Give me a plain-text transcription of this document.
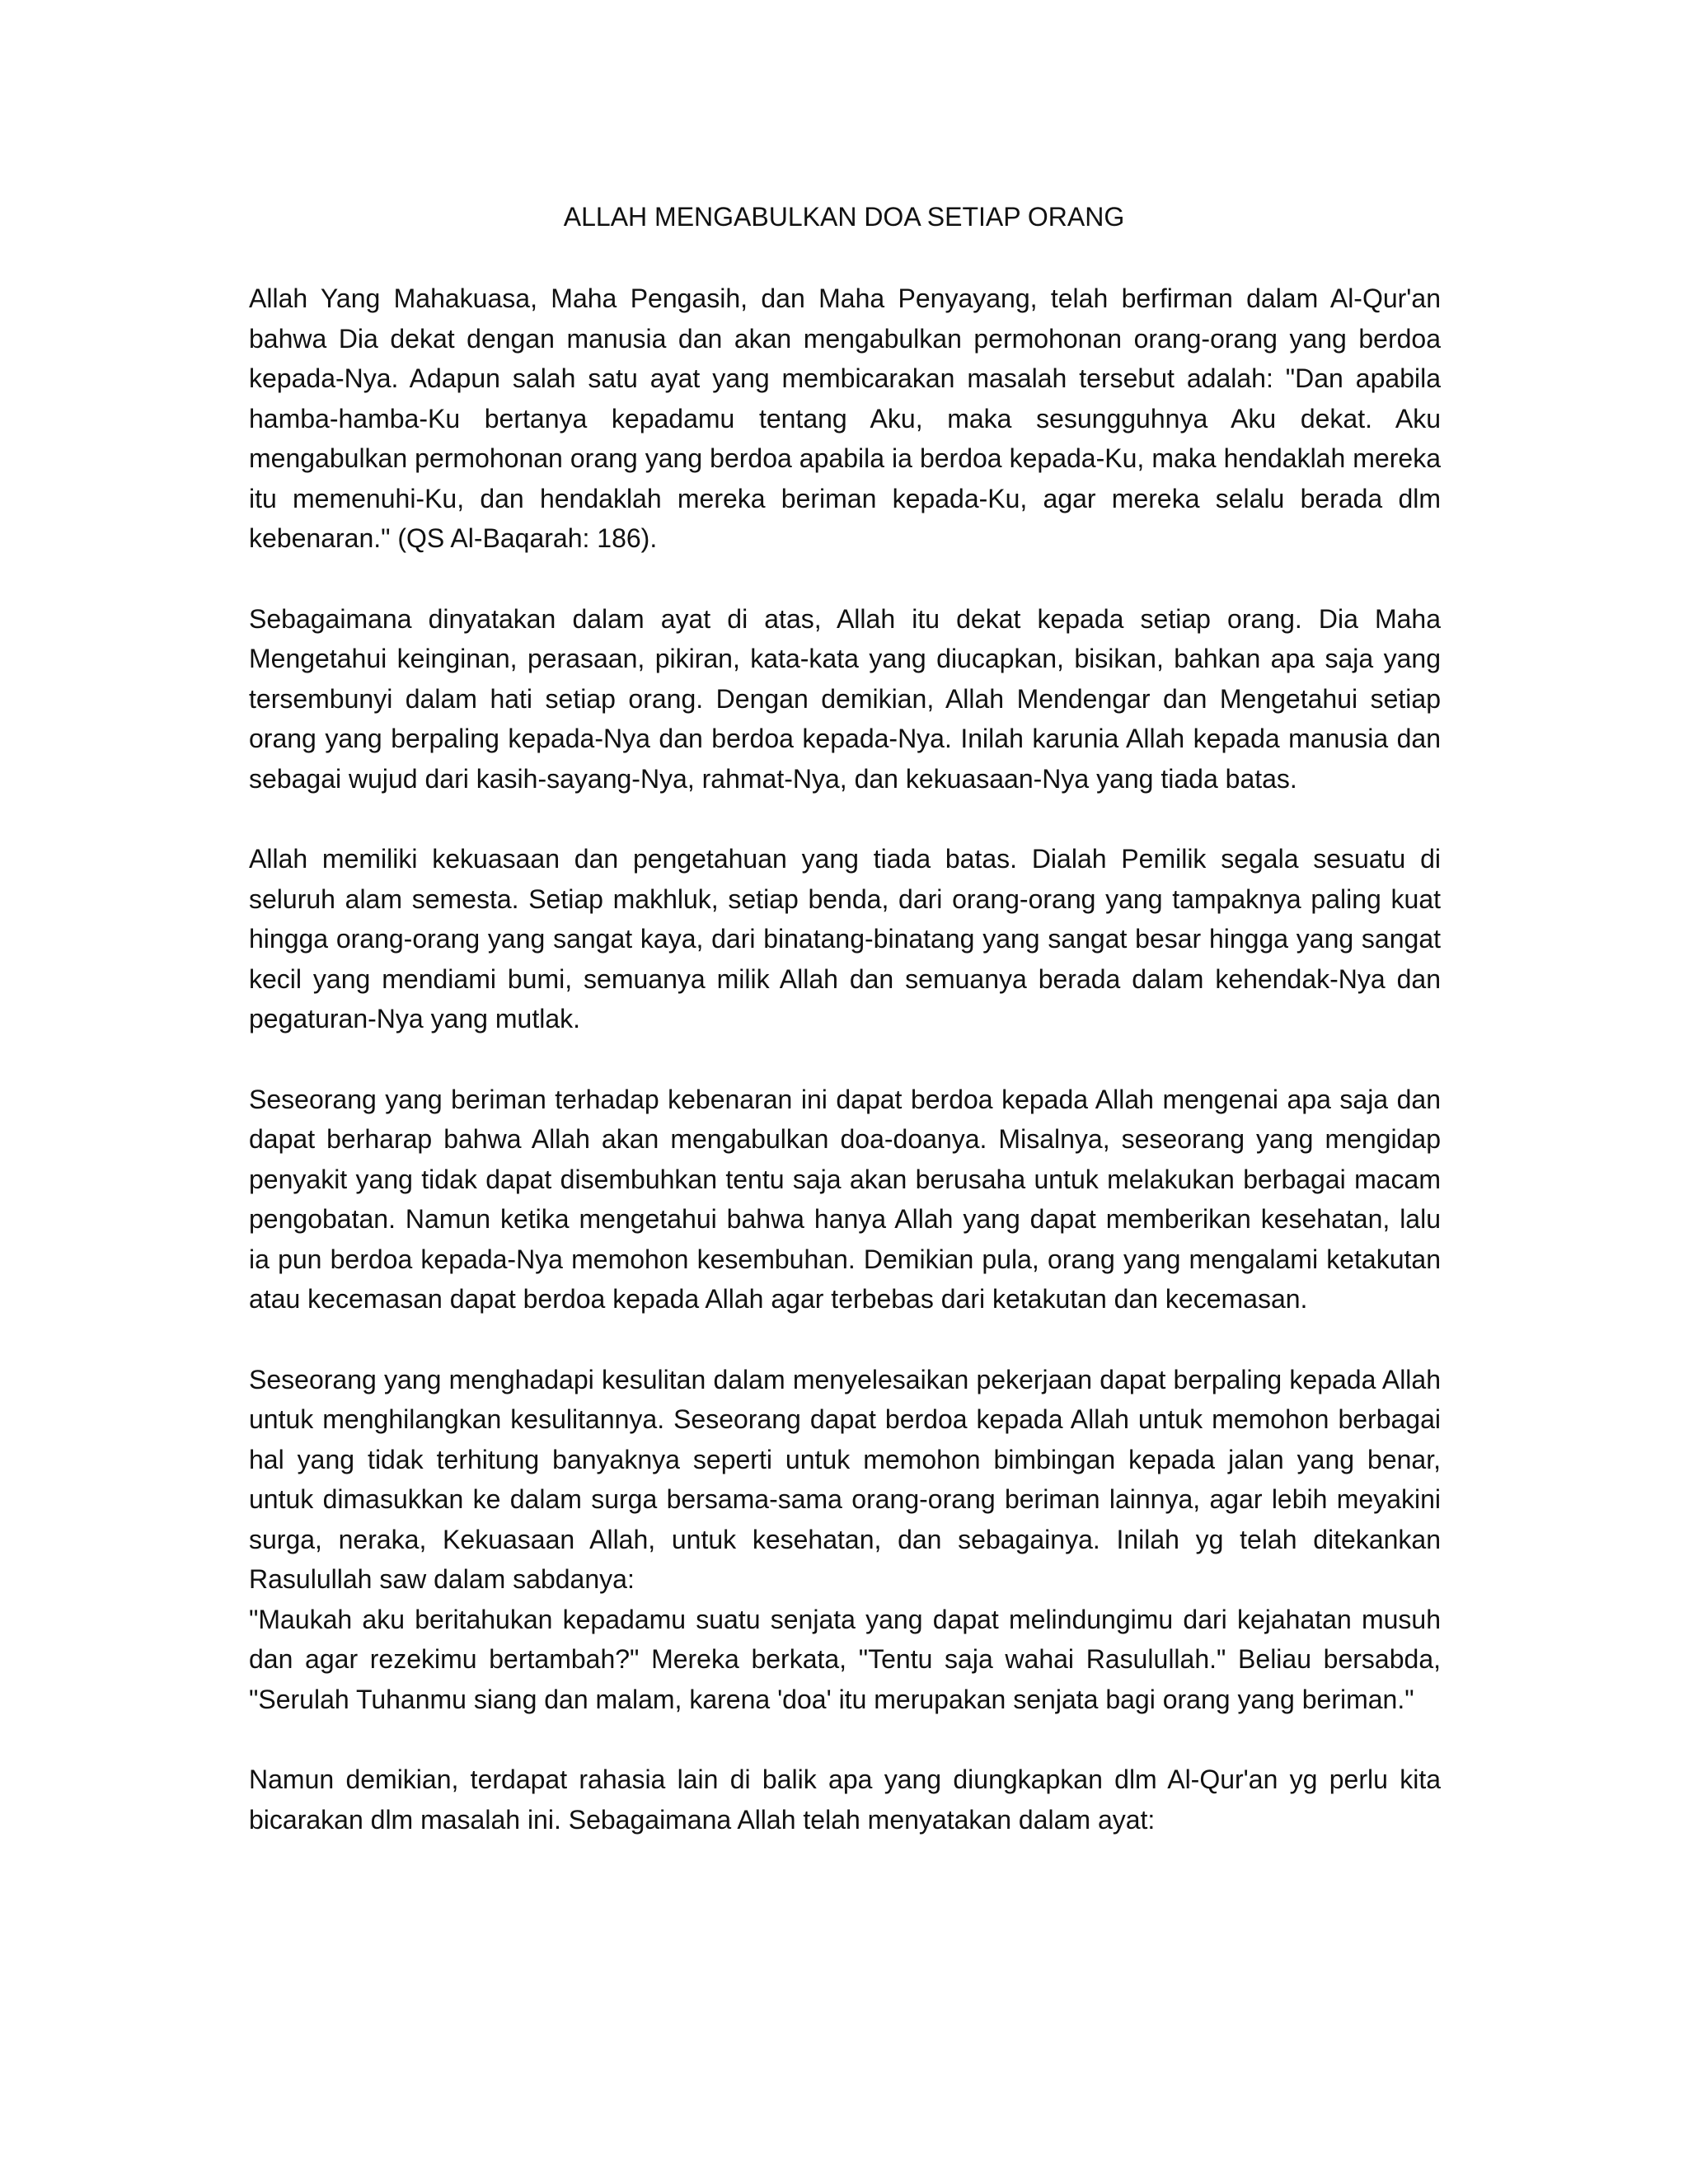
ALLAH MENGABULKAN DOA SETIAP ORANG

Allah Yang Mahakuasa, Maha Pengasih, dan Maha Penyayang, telah berfirman dalam Al-Qur'an bahwa Dia dekat dengan manusia dan akan mengabulkan permohonan orang-orang yang berdoa kepada-Nya. Adapun salah satu ayat yang membicarakan masalah tersebut adalah: "Dan apabila hamba-hamba-Ku bertanya kepadamu tentang Aku, maka sesungguhnya Aku dekat. Aku mengabulkan permohonan orang yang berdoa apabila ia berdoa kepada-Ku, maka hendaklah mereka itu memenuhi-Ku, dan hendaklah mereka beriman kepada-Ku, agar mereka selalu berada dlm kebenaran." (QS Al-Baqarah: 186).

Sebagaimana dinyatakan dalam ayat di atas, Allah itu dekat kepada setiap orang. Dia Maha Mengetahui keinginan, perasaan, pikiran, kata-kata yang diucapkan, bisikan, bahkan apa saja yang tersembunyi dalam hati setiap orang. Dengan demikian, Allah Mendengar dan Mengetahui setiap orang yang berpaling kepada-Nya dan berdoa kepada-Nya. Inilah karunia Allah kepada manusia dan sebagai wujud dari kasih-sayang-Nya, rahmat-Nya, dan kekuasaan-Nya yang tiada batas.

Allah memiliki kekuasaan dan pengetahuan yang tiada batas. Dialah Pemilik segala sesuatu di seluruh alam semesta. Setiap makhluk, setiap benda, dari orang-orang yang tampaknya paling kuat hingga orang-orang yang sangat kaya, dari binatang-binatang yang sangat besar hingga yang sangat kecil yang mendiami bumi, semuanya milik Allah dan semuanya berada dalam kehendak-Nya dan pegaturan-Nya yang mutlak.

Seseorang yang beriman terhadap kebenaran ini dapat berdoa kepada Allah mengenai apa saja dan dapat berharap bahwa Allah akan mengabulkan doa-doanya. Misalnya, seseorang yang mengidap penyakit yang tidak dapat disembuhkan tentu saja akan berusaha untuk melakukan berbagai macam pengobatan. Namun ketika mengetahui bahwa hanya Allah yang dapat memberikan kesehatan, lalu ia pun berdoa kepada-Nya memohon kesembuhan. Demikian pula, orang yang mengalami ketakutan atau kecemasan dapat berdoa kepada Allah agar terbebas dari ketakutan dan kecemasan.

Seseorang yang menghadapi kesulitan dalam menyelesaikan pekerjaan dapat berpaling kepada Allah untuk menghilangkan kesulitannya. Seseorang dapat berdoa kepada Allah untuk memohon berbagai hal yang tidak terhitung banyaknya seperti untuk memohon bimbingan kepada jalan yang benar, untuk dimasukkan ke dalam surga bersama-sama orang-orang beriman lainnya, agar lebih meyakini surga, neraka, Kekuasaan Allah, untuk kesehatan, dan sebagainya. Inilah yg telah ditekankan Rasulullah saw dalam sabdanya:
"Maukah aku beritahukan kepadamu suatu senjata yang dapat melindungimu dari kejahatan musuh dan agar rezekimu bertambah?" Mereka berkata, "Tentu saja wahai Rasulullah." Beliau bersabda, "Serulah Tuhanmu siang dan malam, karena 'doa' itu merupakan senjata bagi orang yang beriman."

Namun demikian, terdapat rahasia lain di balik apa yang diungkapkan dlm Al-Qur'an yg perlu kita bicarakan dlm masalah ini. Sebagaimana Allah telah menyatakan dalam ayat:
